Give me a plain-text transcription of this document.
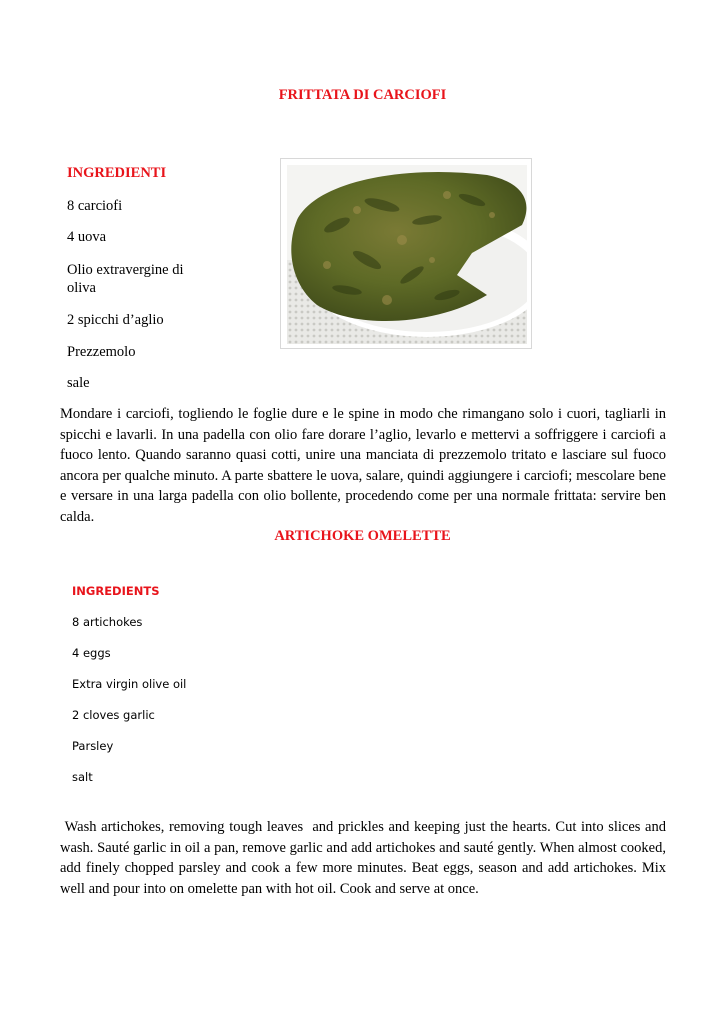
FRITTATA DI CARCIOFI
INGREDIENTI
8 carciofi
4 uova
Olio extravergine di
oliva
2 spicchi d’aglio
Prezzemolo
sale

Mondare i carciofi, togliendo le foglie dure e le spine in modo che rimangano solo i cuori, tagliarli in spicchi e lavarli. In una padella con olio fare dorare l’aglio, levarlo e mettervi a soffriggere i carciofi a fuoco lento. Quando saranno quasi cotti, unire una manciata di prezzemolo tritato e lasciare sul fuoco ancora per qualche minuto. A parte sbattere le uova, salare, quindi aggiungere i carciofi; mescolare bene e versare in una larga padella con olio bollente, procedendo come per una normale frittata: servire ben calda.

ARTICHOKE OMELETTE
INGREDIENTS
8 artichokes
4 eggs
Extra virgin olive oil
2 cloves garlic
Parsley
salt

Wash artichokes, removing tough leaves  and prickles and keeping just the hearts. Cut into slices and wash. Sauté garlic in oil a pan, remove garlic and add artichokes and sauté gently. When almost cooked, add finely chopped parsley and cook a few more minutes. Beat eggs, season and add artichokes. Mix well and pour into on omelette pan with hot oil. Cook and serve at once.
